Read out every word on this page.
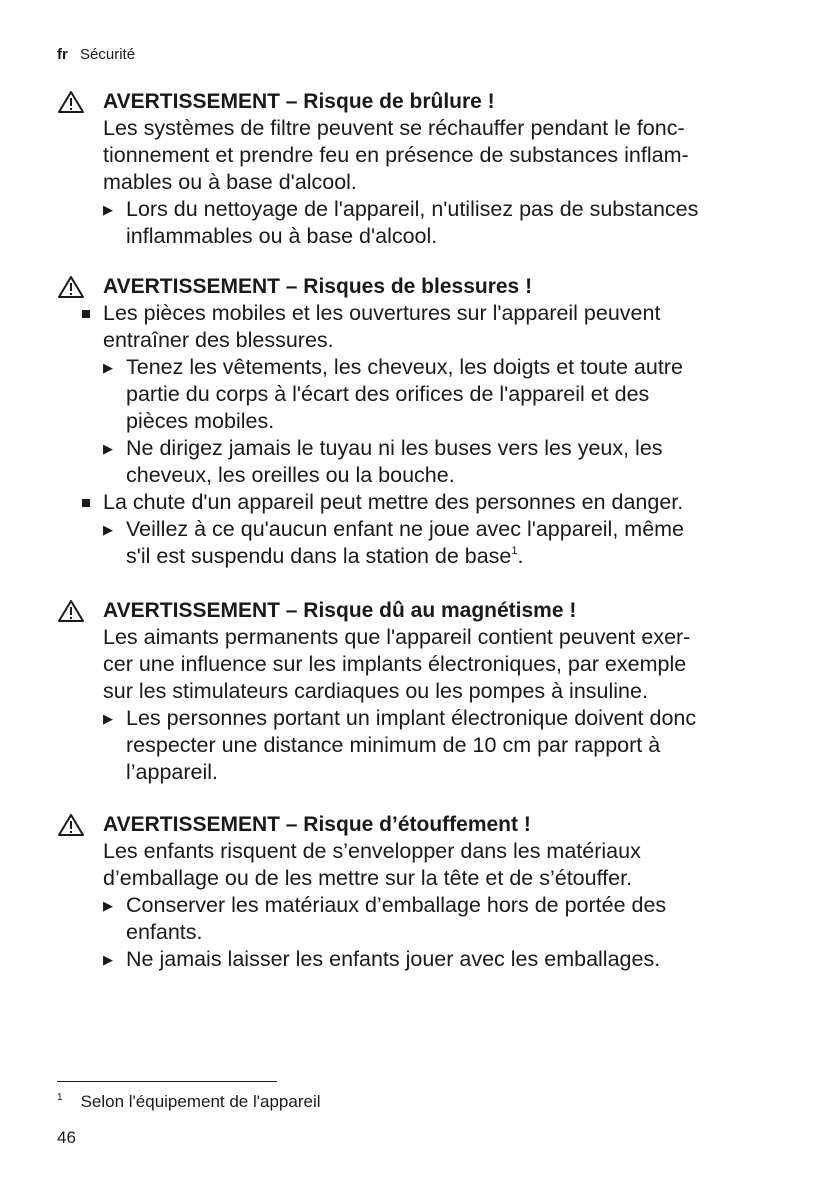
fr Sécurité
AVERTISSEMENT – Risque de brûlure !
Les systèmes de filtre peuvent se réchauffer pendant le fonc-
tionnement et prendre feu en présence de substances inflam-
mables ou à base d'alcool.
▶ Lors du nettoyage de l'appareil, n'utilisez pas de substances
inflammables ou à base d'alcool.
AVERTISSEMENT – Risques de blessures !
Les pièces mobiles et les ouvertures sur l'appareil peuvent
entraîner des blessures.
▶ Tenez les vêtements, les cheveux, les doigts et toute autre
partie du corps à l'écart des orifices de l'appareil et des
pièces mobiles.
▶ Ne dirigez jamais le tuyau ni les buses vers les yeux, les
cheveux, les oreilles ou la bouche.
La chute d'un appareil peut mettre des personnes en danger.
▶ Veillez à ce qu'aucun enfant ne joue avec l'appareil, même
s'il est suspendu dans la station de base$^1$.
AVERTISSEMENT – Risque dû au magnétisme !
Les aimants permanents que l'appareil contient peuvent exer-
cer une influence sur les implants électroniques, par exemple
sur les stimulateurs cardiaques ou les pompes à insuline.
▶ Les personnes portant un implant électronique doivent donc
respecter une distance minimum de 10 cm par rapport à
l’appareil.
AVERTISSEMENT – Risque d’étouffement !
Les enfants risquent de s’envelopper dans les matériaux
d’emballage ou de les mettre sur la tête et de s’étouffer.
▶ Conserver les matériaux d’emballage hors de portée des
enfants.
▶ Ne jamais laisser les enfants jouer avec les emballages.
$^1$ Selon l'équipement de l'appareil
46
